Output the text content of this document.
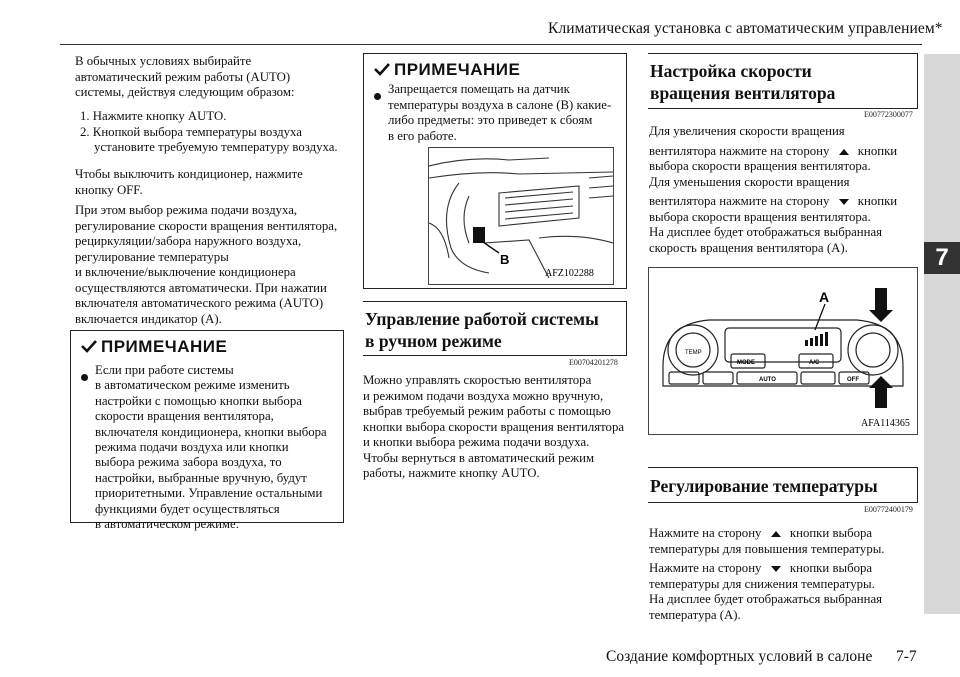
Климатическая установка с автоматическим управлением*
7
В обычных условиях выбирайте
автоматический режим работы (AUTO)
системы, действуя следующим образом:
1. Нажмите кнопку AUTO.
2. Кнопкой выбора температуры воздуха
установите требуемую температуру воздуха.
Чтобы выключить кондиционер, нажмите
кнопку OFF.
При этом выбор режима подачи воздуха,
регулирование скорости вращения вентилятора,
рециркуляции/забора наружного воздуха,
регулирование температуры
и включение/выключение кондиционера
осуществляются автоматически. При нажатии
включателя автоматического режима (AUTO)
включается индикатор (A).
ПРИМЕЧАНИЕ
Если при работе системы
в автоматическом режиме изменить
настройки с помощью кнопки выбора
скорости вращения вентилятора,
включателя кондиционера, кнопки выбора
режима подачи воздуха или кнопки
выбора режима забора воздуха, то
настройки, выбранные вручную, будут
приоритетными. Управление остальными
функциями будет осуществляться
в автоматическом режиме.
ПРИМЕЧАНИЕ
Запрещается помещать на датчик
температуры воздуха в салоне (B) какие-
либо предметы: это приведет к сбоям
в его работе.
B
AFZ102288
Управление работой системы
в ручном режиме
E00704201278
Можно управлять скоростью вентилятора
и режимом подачи воздуха можно вручную,
выбрав требуемый режим работы с помощью
кнопки выбора скорости вращения вентилятора
и кнопки выбора режима подачи воздуха.
Чтобы вернуться в автоматический режим
работы, нажмите кнопку AUTO.
Настройка скорости
вращения вентилятора
E00772300077
Для увеличения скорости вращения
вентилятора нажмите на сторону кнопки
выбора скорости вращения вентилятора.
Для уменьшения скорости вращения
вентилятора нажмите на сторону кнопки
выбора скорости вращения вентилятора.
На дисплее будет отображаться выбранная
скорость вращения вентилятора (A).
A
TEMP
MODE	A/C
AUTO	OFF
AFA114365
Регулирование температуры
E00772400179
Нажмите на сторону кнопки выбора
температуры для повышения температуры.
Нажмите на сторону кнопки выбора
температуры для снижения температуры.
На дисплее будет отображаться выбранная
температура (A).
Создание комфортных условий в салоне 7-7
